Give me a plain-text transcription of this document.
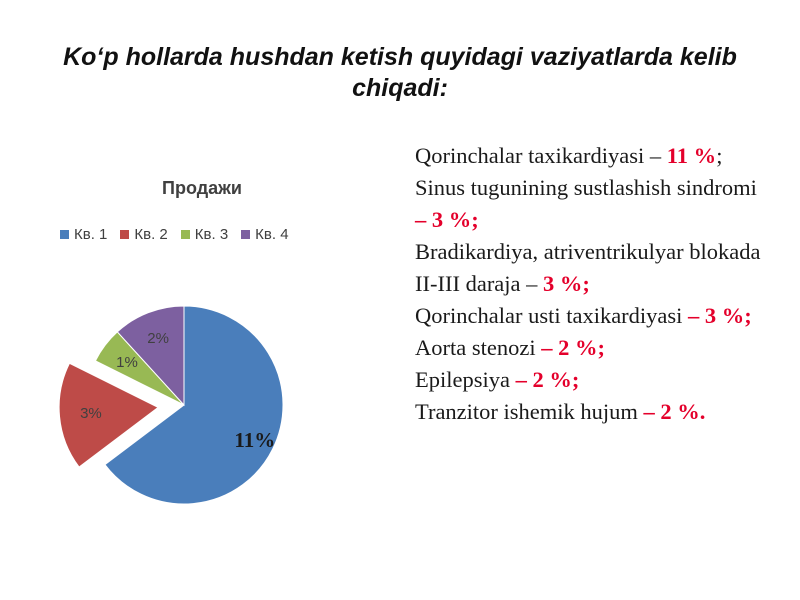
Ko‘p hollarda hushdan ketish quyidagi vaziyatlarda kelib chiqadi:
Продажи
Кв. 1 Кв. 2 Кв. 3 Кв. 4
11%
3%
1%
2%

Qorinchalar taxikardiyasi – 11 %;

Sinus tugunining sustlashish sindromi – 3 %;

Bradikardiya, atriventrikulyar blokada II-III daraja – 3 %;

Qorinchalar usti taxikardiyasi – 3 %;

Aorta stenozi – 2 %;

Epilepsiya – 2 %;

Tranzitor ishemik hujum – 2 %.
